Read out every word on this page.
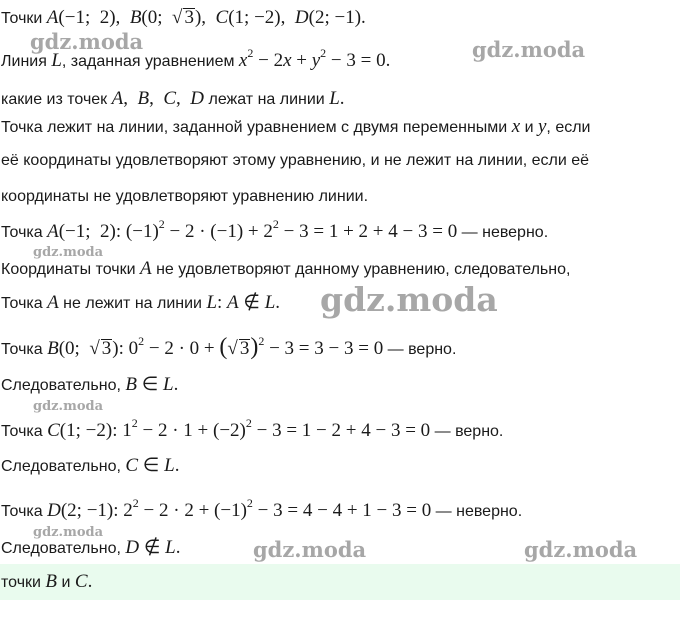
Точки A(−1;  2),  B(0;  √ 3),  C(1; −2),  D(2; −1).
Линия L, заданная уравнением $x^2 - 2x + y^2 - 3 = 0$.
какие из точек A,  B,  C,  D лежат на линии L.
Точка лежит на линии, заданной уравнением с двумя переменными x и y, если
её координаты удовлетворяют этому уравнению, и не лежит на линии, если её
координаты не удовлетворяют уравнению линии.
Точка A(−1;  2): $(-1)^2 - 2 \cdot (-1) + 2^2 - 3 = 1 + 2 + 4 - 3 = 0$ — неверно.
Координаты точки A не удовлетворяют данному уравнению, следовательно,
Точка A не лежит на линии L: A ∉ L.
Точка B(0;  √ 3): $0^2 - 2 \cdot 0$ + (√ 3)$^2$ − 3 = 3 − 3 = 0 — верно.
Следовательно, B ∈ L.
Точка C(1; −2): $1^2 - 2 \cdot 1 + (-2)^2 - 3 = 1 - 2 + 4 - 3 = 0$ — верно.
Следовательно, C ∈ L.
Точка D(2; −1): $2^2 - 2 \cdot 2 + (-1)^2 - 3 = 4 - 4 + 1 - 3 = 0$ — неверно.
Следовательно, D ∉ L.
точки B и C.
gdz.moda	gdz.moda
gdz.moda
gdz.moda
gdz.moda
gdz.moda
gdz.moda	gdz.moda
